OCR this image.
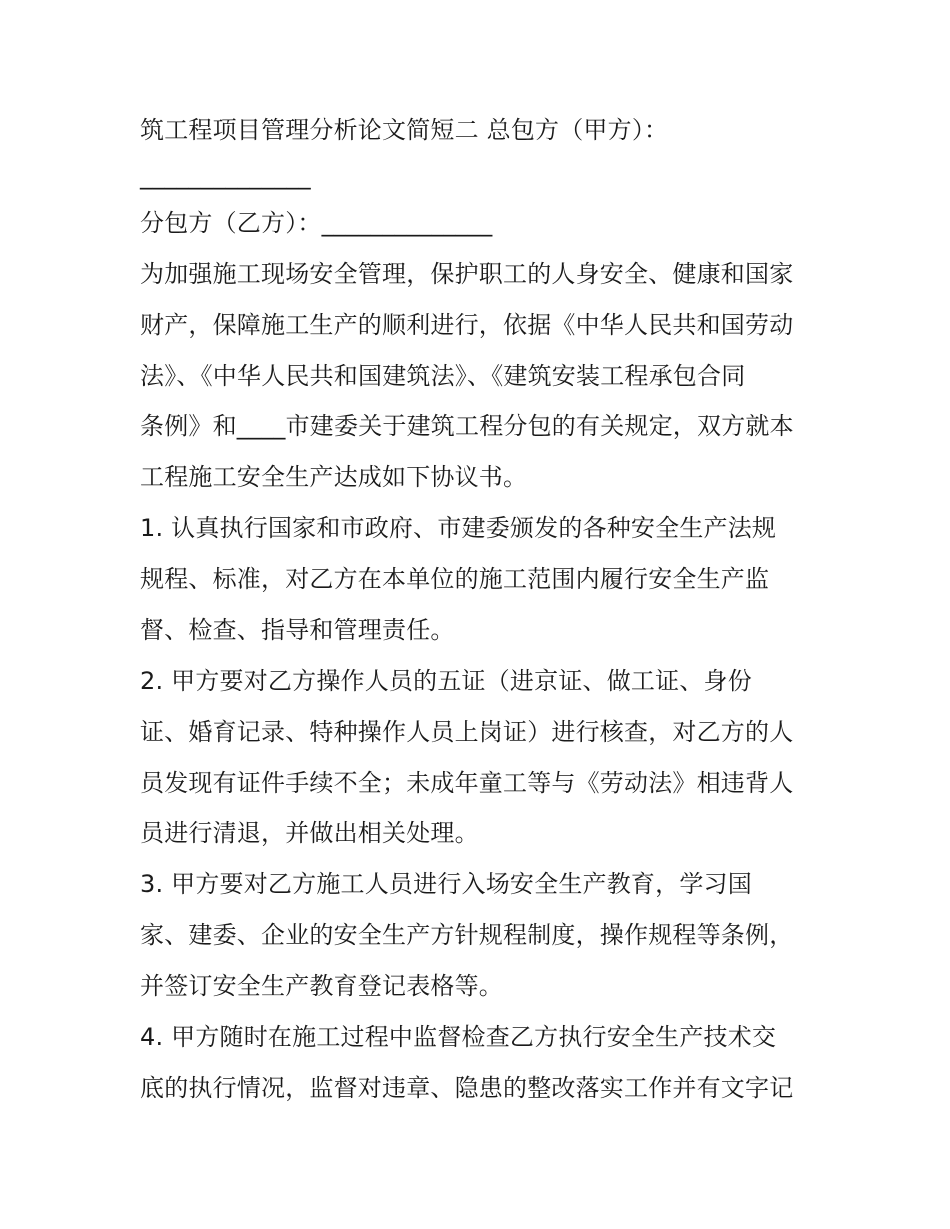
筑工程项目管理分析论文简短二 总包方（甲方）：

______________

分包方（乙方）：______________

为加强施工现场安全管理，保护职工的人身安全、健康和国家

财产，保障施工生产的顺利进行，依据《中华人民共和国劳动

法》、《中华人民共和国建筑法》、《建筑安装工程承包合同

条例》和____市建委关于建筑工程分包的有关规定，双方就本

工程施工安全生产达成如下协议书。

1. 认真执行国家和市政府、市建委颁发的各种安全生产法规

规程、标准，对乙方在本单位的施工范围内履行安全生产监

督、检查、指导和管理责任。

2. 甲方要对乙方操作人员的五证（进京证、做工证、身份

证、婚育记录、特种操作人员上岗证）进行核查，对乙方的人

员发现有证件手续不全；未成年童工等与《劳动法》相违背人

员进行清退，并做出相关处理。

3. 甲方要对乙方施工人员进行入场安全生产教育，学习国

家、建委、企业的安全生产方针规程制度，操作规程等条例，

并签订安全生产教育登记表格等。

4. 甲方随时在施工过程中监督检查乙方执行安全生产技术交

底的执行情况，监督对违章、隐患的整改落实工作并有文字记
